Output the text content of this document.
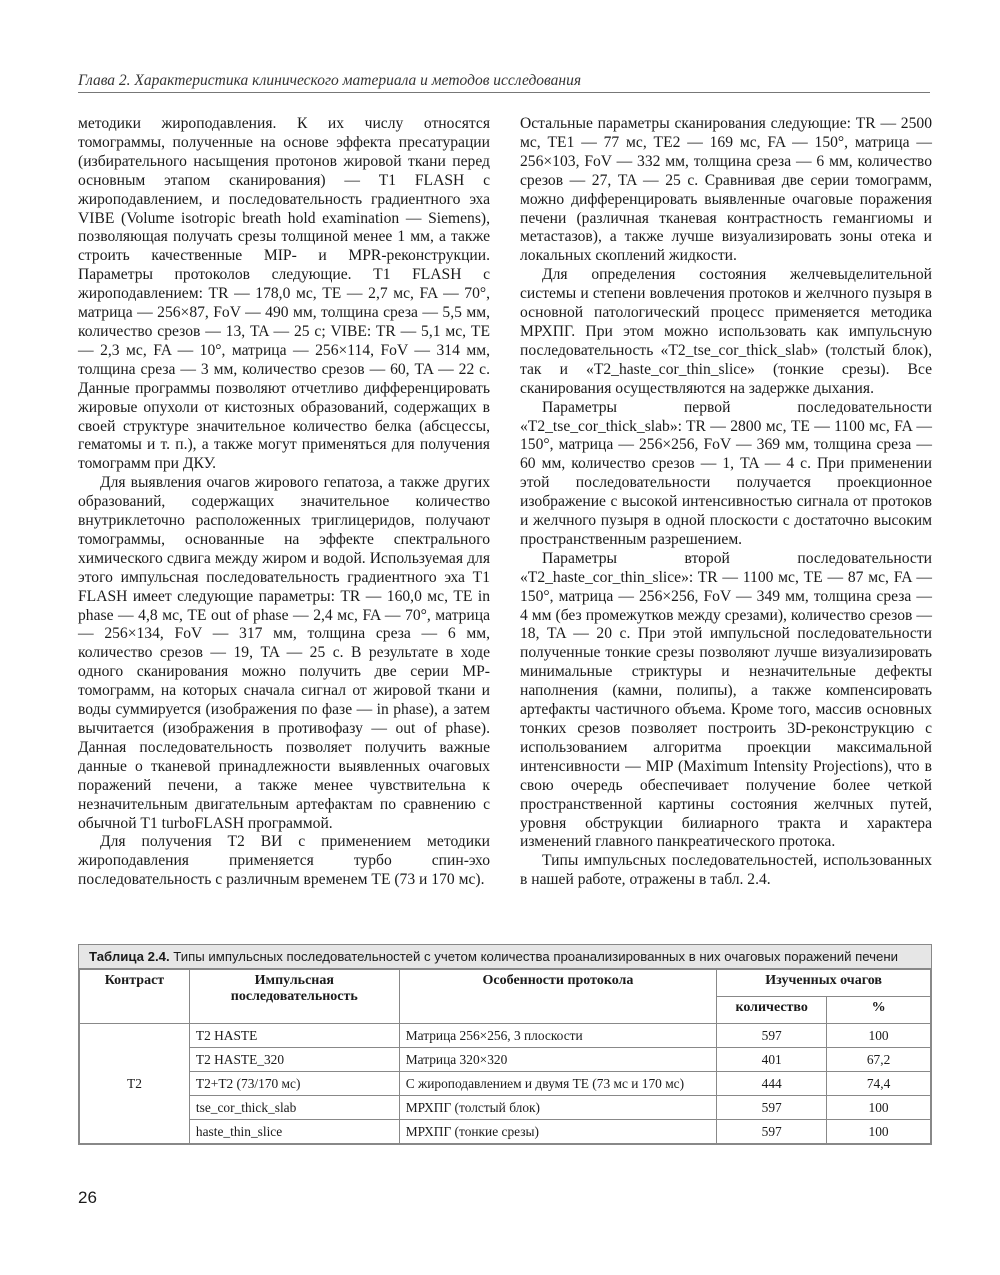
Глава 2. Характеристика клинического материала и методов исследования

методики жироподавления. К их числу относятся томограммы, полученные на основе эффекта пресатурации (избирательного насыщения протонов жировой ткани перед основным этапом сканирования) — T1 FLASH с жироподавлением, и последовательность градиентного эха VIBE (Volume isotropic breath hold examination — Siemens), позволяющая получать срезы толщиной менее 1 мм, а также строить качественные MIP- и MPR-реконструкции. Параметры протоколов следующие. T1 FLASH с жироподавлением: TR — 178,0 мс, TE — 2,7 мс, FA — 70°, матрица — 256×87, FoV — 490 мм, толщина среза — 5,5 мм, количество срезов — 13, TA — 25 с; VIBE: TR — 5,1 мс, TE — 2,3 мс, FA — 10°, матрица — 256×114, FoV — 314 мм, толщина среза — 3 мм, количество срезов — 60, TA — 22 с. Данные программы позволяют отчетливо дифференцировать жировые опухоли от кистозных образований, содержащих в своей структуре значительное количество белка (абсцессы, гематомы и т. п.), а также могут применяться для получения томограмм при ДКУ.

Для выявления очагов жирового гепатоза, а также других образований, содержащих значительное количество внутриклеточно расположенных триглицеридов, получают томограммы, основанные на эффекте спектрального химического сдвига между жиром и водой. Используемая для этого импульсная последовательность градиентного эха T1 FLASH имеет следующие параметры: TR — 160,0 мс, TE in phase — 4,8 мс, TE out of phase — 2,4 мс, FA — 70°, матрица — 256×134, FoV — 317 мм, толщина среза — 6 мм, количество срезов — 19, TA — 25 с. В результате в ходе одного сканирования можно получить две серии МР-томограмм, на которых сначала сигнал от жировой ткани и воды суммируется (изображения по фазе — in phase), а затем вычитается (изображения в противофазу — out of phase). Данная последовательность позволяет получить важные данные о тканевой принадлежности выявленных очаговых поражений печени, а также менее чувствительна к незначительным двигательным артефактам по сравнению с обычной T1 turboFLASH программой.

Для получения T2 ВИ с применением методики жироподавления применяется турбо спин-эхо последовательность с различным временем TE (73 и 170 мс).

Остальные параметры сканирования следующие: TR — 2500 мс, TE1 — 77 мс, TE2 — 169 мс, FA — 150°, матрица — 256×103, FoV — 332 мм, толщина среза — 6 мм, количество срезов — 27, TA — 25 с. Сравнивая две серии томограмм, можно дифференцировать выявленные очаговые поражения печени (различная тканевая контрастность гемангиомы и метастазов), а также лучше визуализировать зоны отека и локальных скоплений жидкости.

Для определения состояния желчевыделительной системы и степени вовлечения протоков и желчного пузыря в основной патологический процесс применяется методика МРХПГ. При этом можно использовать как импульсную последовательность «T2_tse_cor_thick_slab» (толстый блок), так и «T2_haste_cor_thin_slice» (тонкие срезы). Все сканирования осуществляются на задержке дыхания.

Параметры первой последовательности «T2_tse_cor_thick_slab»: TR — 2800 мс, TE — 1100 мс, FA — 150°, матрица — 256×256, FoV — 369 мм, толщина среза — 60 мм, количество срезов — 1, TA — 4 с. При применении этой последовательности получается проекционное изображение с высокой интенсивностью сигнала от протоков и желчного пузыря в одной плоскости с достаточно высоким пространственным разрешением.

Параметры второй последовательности «T2_haste_cor_thin_slice»: TR — 1100 мс, TE — 87 мс, FA — 150°, матрица — 256×256, FoV — 349 мм, толщина среза — 4 мм (без промежутков между срезами), количество срезов — 18, TA — 20 с. При этой импульсной последовательности полученные тонкие срезы позволяют лучше визуализировать минимальные стриктуры и незначительные дефекты наполнения (камни, полипы), а также компенсировать артефакты частичного объема. Кроме того, массив основных тонких срезов позволяет построить 3D-реконструкцию с использованием алгоритма проекции максимальной интенсивности — MIP (Maximum Intensity Projections), что в свою очередь обеспечивает получение более четкой пространственной картины состояния желчных путей, уровня обструкции билиарного тракта и характера изменений главного панкреатического протока.

Типы импульсных последовательностей, использованных в нашей работе, отражены в табл. 2.4.

Таблица 2.4. Типы импульсных последовательностей с учетом количества проанализированных в них очаговых поражений печени
Контраст	Импульсная последовательность	Особенности протокола	Изученных очагов	
			количество	%
T2	T2 HASTE	Матрица 256×256, 3 плоскости	597	100
	T2 HASTE_320	Матрица 320×320	401	67,2
	T2+T2 (73/170 мс)	С жироподавлением и двумя TE (73 мс и 170 мс)	444	74,4
	tse_cor_thick_slab	МРХПГ (толстый блок)	597	100
	haste_thin_slice	МРХПГ (тонкие срезы)	597	100
26
